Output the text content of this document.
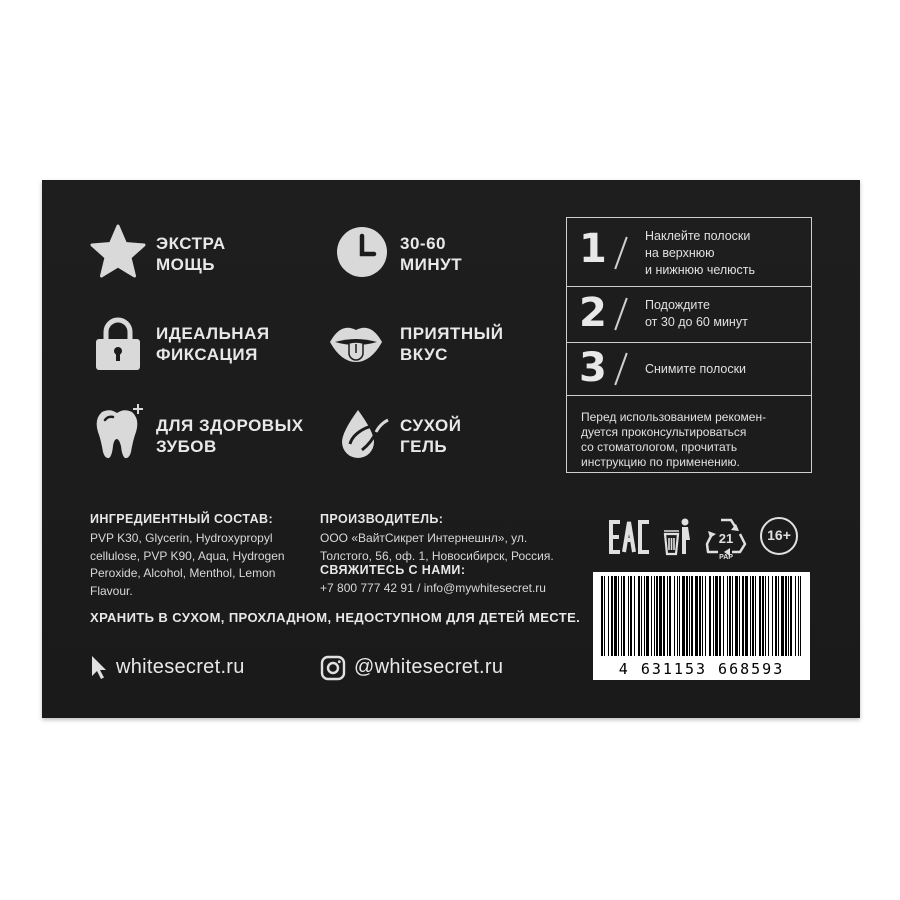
ЭКСТРА
МОЩЬ
30-60
МИНУТ
ИДЕАЛЬНАЯ
ФИКСАЦИЯ
ПРИЯТНЫЙ
ВКУС
ДЛЯ ЗДОРОВЫХ
ЗУБОВ
СУХОЙ
ГЕЛЬ
1	Наклейте полоски
на верхнюю
и нижнюю челюсть
2	Подождите
от 30 до 60 минут
3	Снимите полоски
Перед использованием рекомен-
дуется проконсультироваться
со стоматологом, прочитать
инструкцию по применению.
ИНГРЕДИЕНТНЫЙ СОСТАВ:
PVP K30, Glycerin, Hydroxypropyl
cellulose, PVP K90, Aqua, Hydrogen
Peroxide, Alcohol, Menthol, Lemon
Flavour.
ПРОИЗВОДИТЕЛЬ:
ООО «ВайтСикрет Интернешнл», ул.
Толстого, 56, оф. 1, Новосибирск, Россия.
СВЯЖИТЕСЬ С НАМИ:
+7 800 777 42 91 / info@mywhitesecret.ru
EAC
21
PAP
16+
4 631153 668593
ХРАНИТЬ В СУХОМ, ПРОХЛАДНОМ, НЕДОСТУПНОМ ДЛЯ ДЕТЕЙ МЕСТЕ.
whitesecret.ru	@whitesecret.ru
